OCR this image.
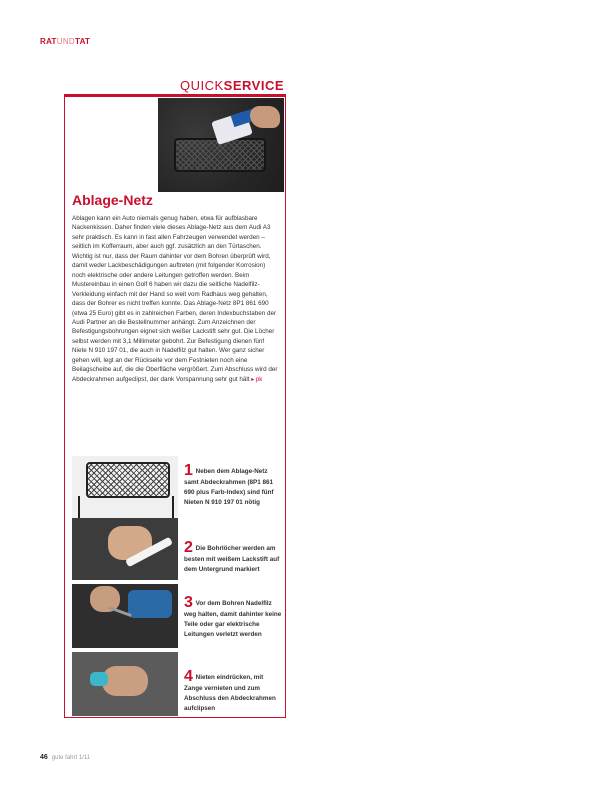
RATUNDTAT
QUICKSERVICE
Ablage-Netz
Ablagen kann ein Auto niemals genug haben, etwa für aufblasbare Nackenkissen. Daher finden viele dieses Ablage-Netz aus dem Audi A3 sehr praktisch. Es kann in fast allen Fahrzeugen verwendet werden – seitlich im Kofferraum, aber auch ggf. zusätzlich an den Türtaschen. Wichtig ist nur, dass der Raum dahinter vor dem Bohren überprüft wird, damit weder Lackbeschädigungen auftreten (mit folgender Korrosion) noch elektrische oder andere Leitungen getroffen werden. Beim Mustereinbau in einen Golf 6 haben wir dazu die seitliche Nadelfilz-Verkleidung einfach mit der Hand so weit vom Radhaus weg gehalten, dass der Bohrer es nicht treffen konnte. Das Ablage-Netz 8P1 861 690 (etwa 25 Euro) gibt es in zahlreichen Farben, deren Indexbuchstaben der Audi Partner an die Bestellnummer anhängt. Zum Anzeichnen der Befestigungsbohrungen eignet sich weißer Lackstift sehr gut. Die Löcher selbst werden mit 3,1 Millimeter gebohrt. Zur Befestigung dienen fünf Niete N 910 197 01, die auch in Nadelfilz gut halten. Wer ganz sicher gehen will, legt an der Rückseite vor dem Festnieten noch eine Beilagscheibe auf, die die Oberfläche vergrößert. Zum Abschluss wird der Abdeckrahmen aufgeclipst, der dank Vorspannung sehr gut hält ▸ pk
1 Neben dem Ablage-Netz samt Abdeckrahmen (8P1 861 690 plus Farb-Index) sind fünf Nieten N 910 197 01 nötig
2 Die Bohrlöcher werden am besten mit weißem Lackstift auf dem Untergrund markiert
3 Vor dem Bohren Nadelfilz weg halten, damit dahinter keine Teile oder gar elektrische Leitungen verletzt werden
4 Nieten eindrücken, mit Zange vernieten und zum Abschluss den Abdeckrahmen aufclipsen
46 gute fahrt 1/11
